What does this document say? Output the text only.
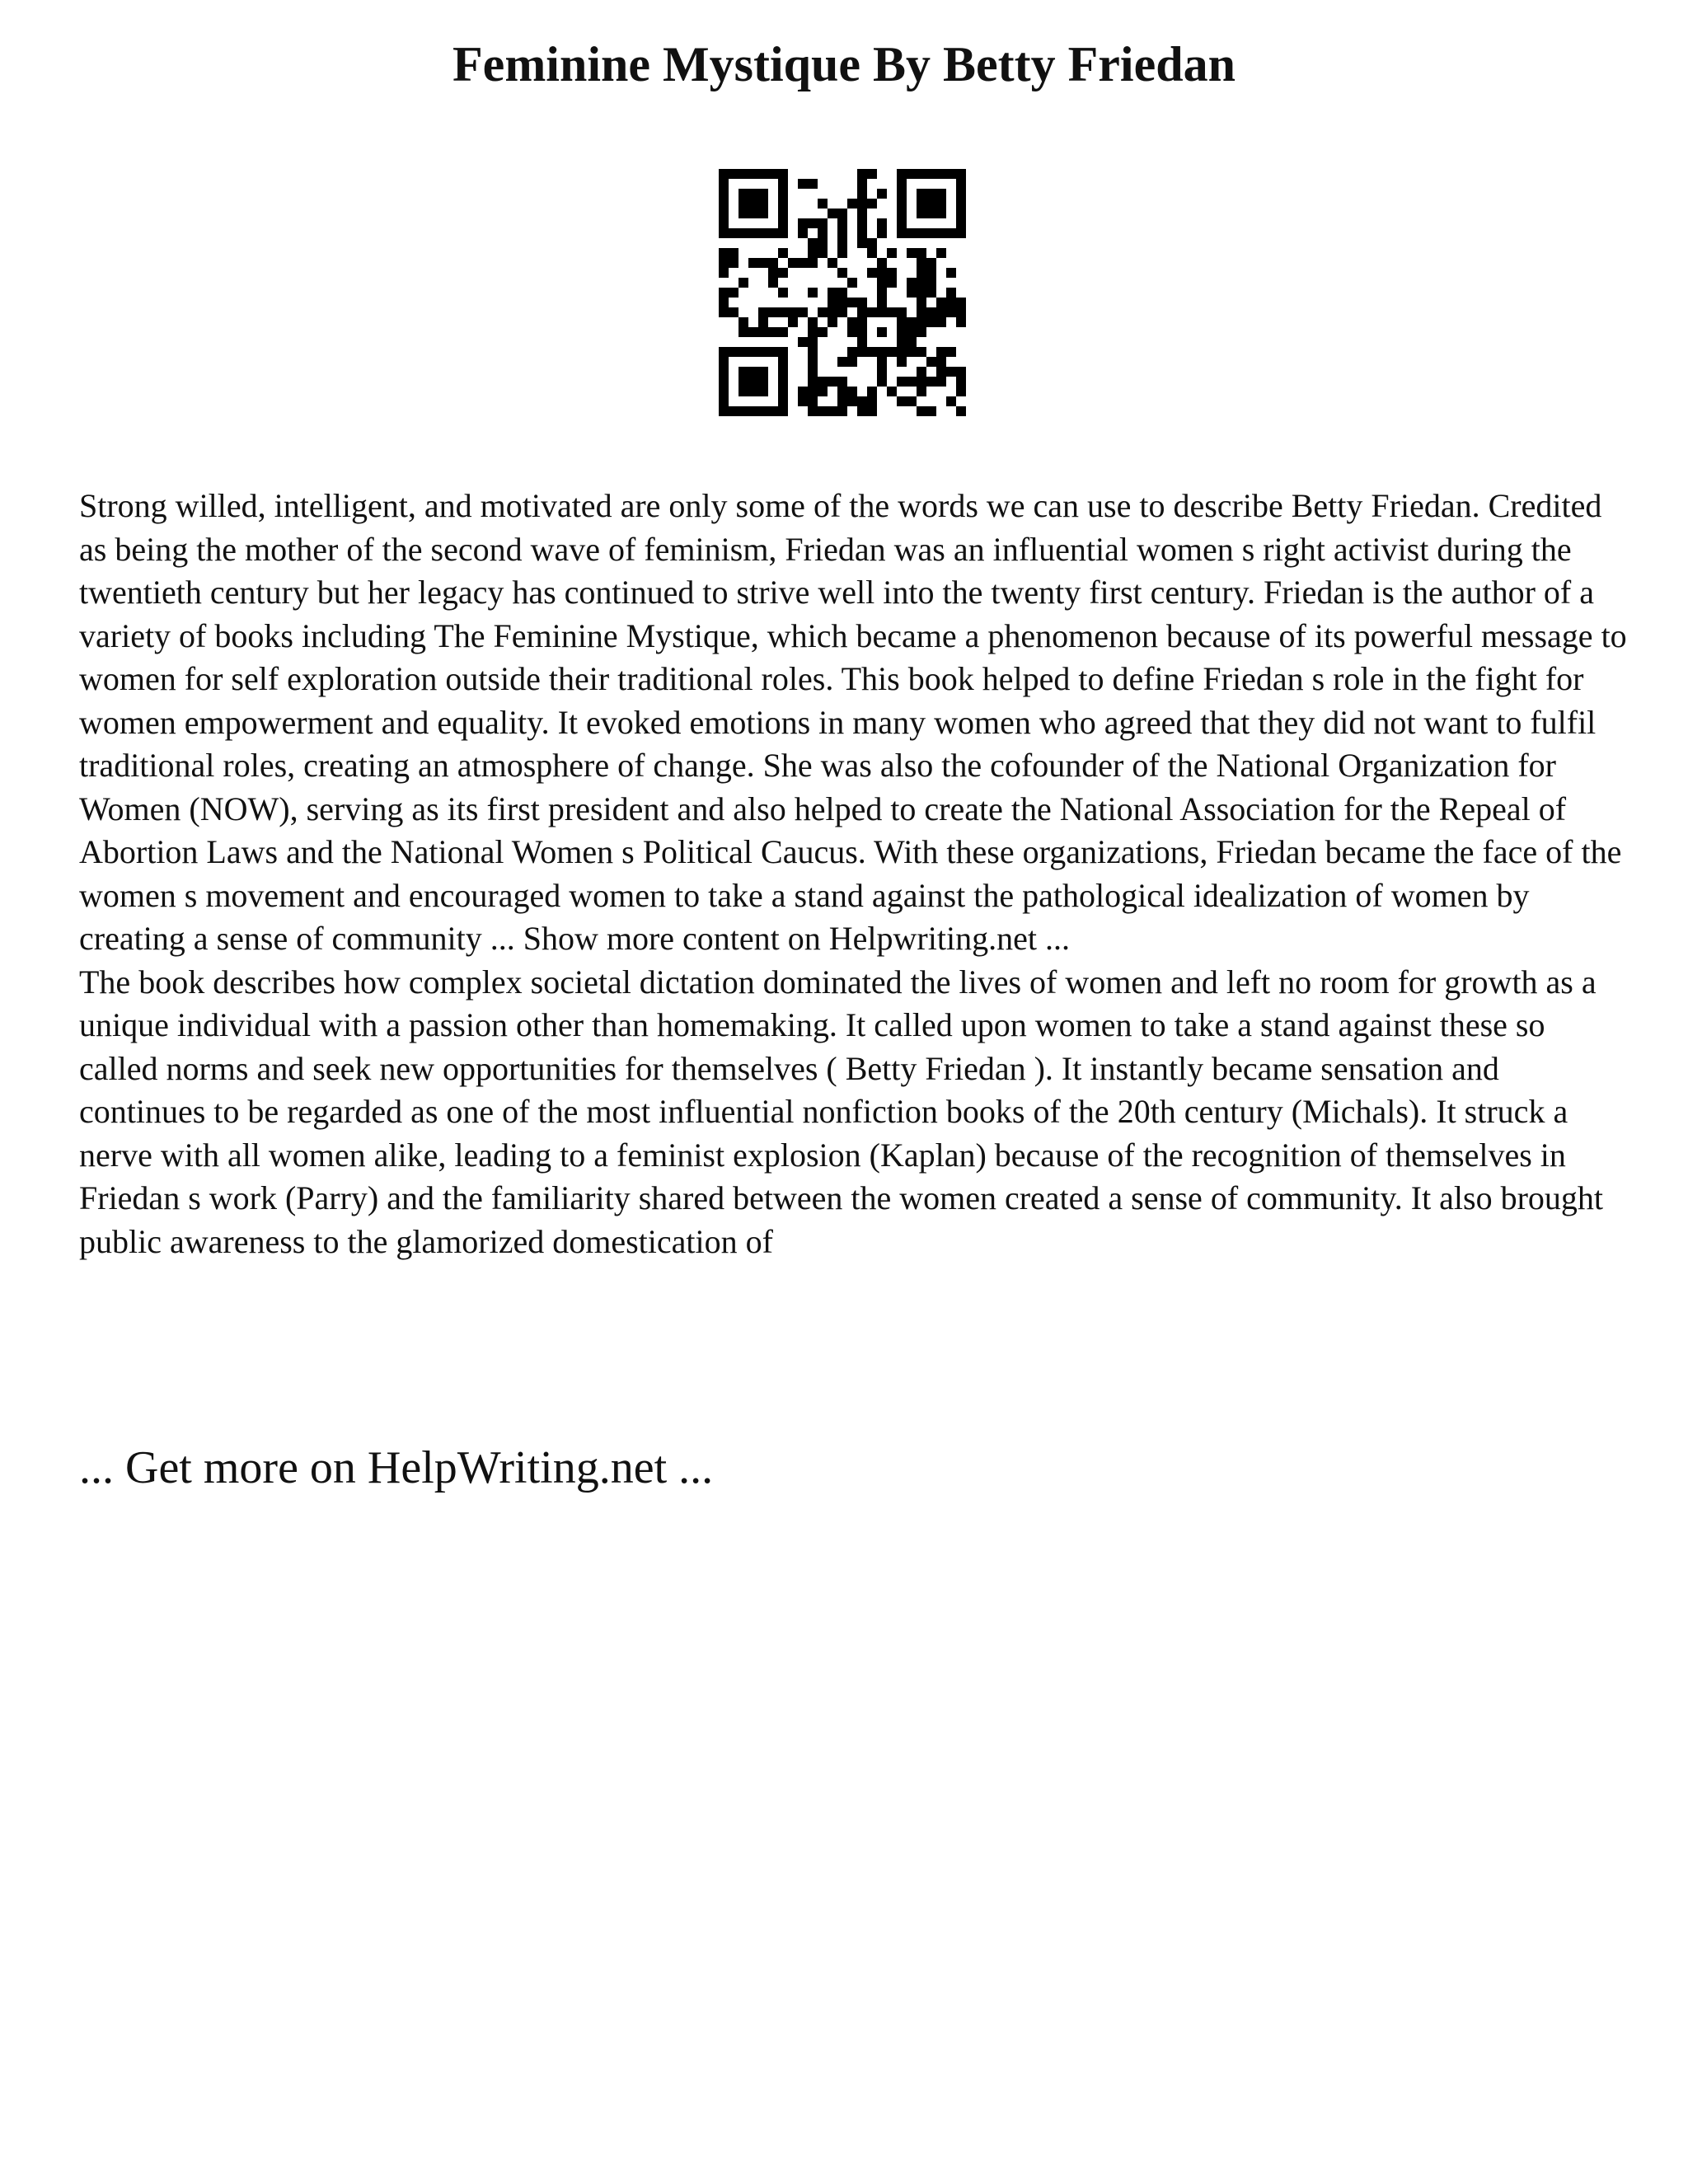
Feminine Mystique By Betty Friedan

Strong willed, intelligent, and motivated are only some of the words we can use to describe Betty Friedan. Credited as being the mother of the second wave of feminism, Friedan was an influential women s right activist during the twentieth century but her legacy has continued to strive well into the twenty first century. Friedan is the author of a variety of books including The Feminine Mystique, which became a phenomenon because of its powerful message to women for self exploration outside their traditional roles. This book helped to define Friedan s role in the fight for women empowerment and equality. It evoked emotions in many women who agreed that they did not want to fulfil traditional roles, creating an atmosphere of change. She was also the cofounder of the National Organization for Women (NOW), serving as its first president and also helped to create the National Association for the Repeal of Abortion Laws and the National Women s Political Caucus. With these organizations, Friedan became the face of the women s movement and encouraged women to take a stand against the pathological idealization of women by creating a sense of community ... Show more content on Helpwriting.net ...

The book describes how complex societal dictation dominated the lives of women and left no room for growth as a unique individual with a passion other than homemaking. It called upon women to take a stand against these so called norms and seek new opportunities for themselves ( Betty Friedan ). It instantly became sensation and continues to be regarded as one of the most influential nonfiction books of the 20th century (Michals). It struck a nerve with all women alike, leading to a feminist explosion (Kaplan) because of the recognition of themselves in Friedan s work (Parry) and the familiarity shared between the women created a sense of community. It also brought public awareness to the glamorized domestication of

... Get more on HelpWriting.net ...
